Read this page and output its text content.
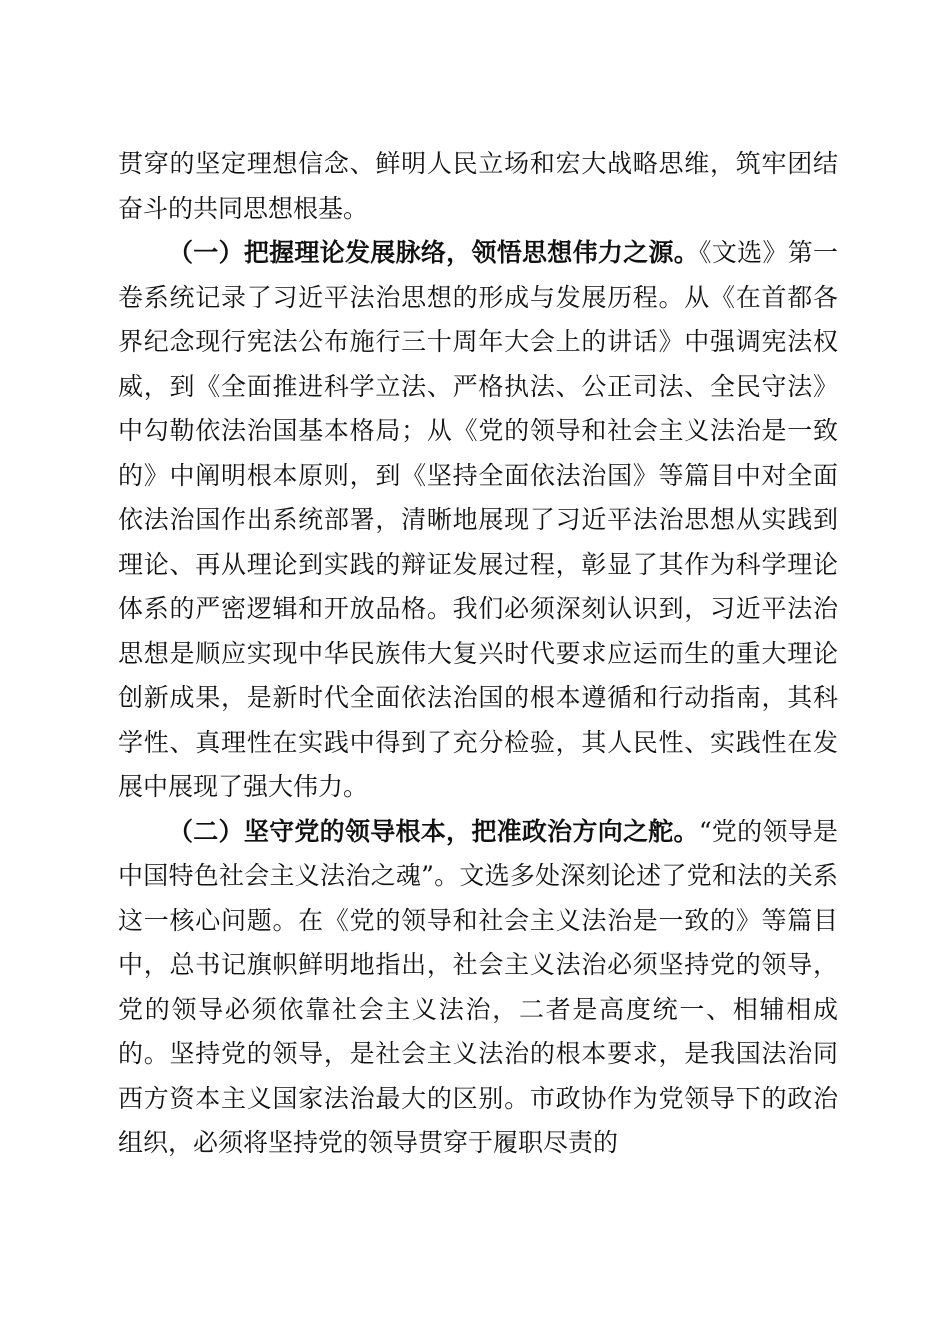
贯穿的坚定理想信念、鲜明人民立场和宏大战略思维，筑牢团结奋斗的共同思想根基。

（一）把握理论发展脉络，领悟思想伟力之源。《文选》第一卷系统记录了习近平法治思想的形成与发展历程。从《在首都各界纪念现行宪法公布施行三十周年大会上的讲话》中强调宪法权威，到《全面推进科学立法、严格执法、公正司法、全民守法》中勾勒依法治国基本格局；从《党的领导和社会主义法治是一致的》中阐明根本原则，到《坚持全面依法治国》等篇目中对全面依法治国作出系统部署，清晰地展现了习近平法治思想从实践到理论、再从理论到实践的辩证发展过程，彰显了其作为科学理论体系的严密逻辑和开放品格。我们必须深刻认识到，习近平法治思想是顺应实现中华民族伟大复兴时代要求应运而生的重大理论创新成果，是新时代全面依法治国的根本遵循和行动指南，其科学性、真理性在实践中得到了充分检验，其人民性、实践性在发展中展现了强大伟力。

（二）坚守党的领导根本，把准政治方向之舵。“党的领导是中国特色社会主义法治之魂”。文选多处深刻论述了党和法的关系这一核心问题。在《党的领导和社会主义法治是一致的》等篇目中，总书记旗帜鲜明地指出，社会主义法治必须坚持党的领导，党的领导必须依靠社会主义法治，二者是高度统一、相辅相成的。坚持党的领导，是社会主义法治的根本要求，是我国法治同西方资本主义国家法治最大的区别。市政协作为党领导下的政治组织，必须将坚持党的领导贯穿于履职尽责的
